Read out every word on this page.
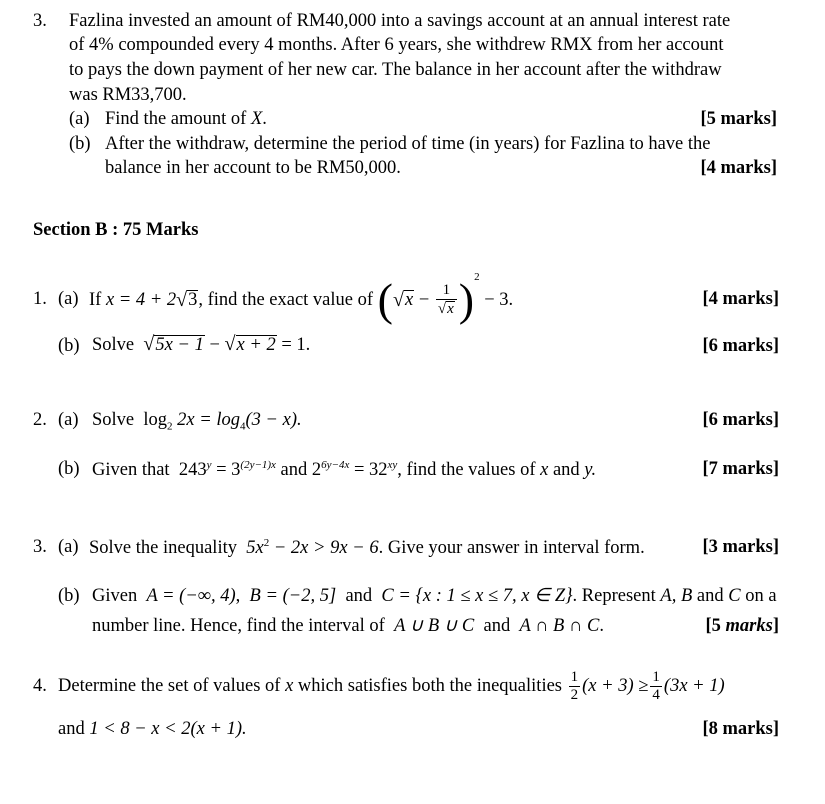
3. Fazlina invested an amount of RM40,000 into a savings account at an annual interest rate
of 4% compounded every 4 months. After 6 years, she withdrew RMX from her account
to pays the down payment of her new car. The balance in her account after the withdraw
was RM33,700.
(a) Find the amount of X.	[5 marks]
(b) After the withdraw, determine the period of time (in years) for Fazlina to have the
balance in her account to be RM50,000.	[4 marks]
Section B : 75 Marks
1. (a) If
x = 4 + 2 √ 3 , find the exact value of
( √ $x - \frac{1}{√x} )^2$

− 3.	[4 marks]
(b) Solve √5x − 1 − √x + 2 = 1.	[6 marks]
2. (a) Solve $\log_2 2x = \log_4(3 - x)$.	[6 marks]
(b) Given that $243^y = 3^{(2y-1)x}$ and $2^{6y-4x} = 32^{xy}$, find the values of x and y.	[7 marks]
3. (a) Solve the inequality $5x^2 - 2x > 9x - 6$. Give your answer in interval form.	[3 marks]
(b) Given A = (−∞, 4),  B = (−2, 5] and C = {x : 1 ≤ x ≤ 7, x ∈ Z}. Represent A, B and C on a
number line. Hence, find the interval of A ∪ B ∪ C and A ∩ B ∩ C.	[5 marks]
4. Determine the set of values of
x
which satisfies both the inequalities
$\frac{1}{2} (x + 3) \ge \frac{1}{4} (3x + 1)$
and 1 < 8 − x < 2(x + 1).	[8 marks]
